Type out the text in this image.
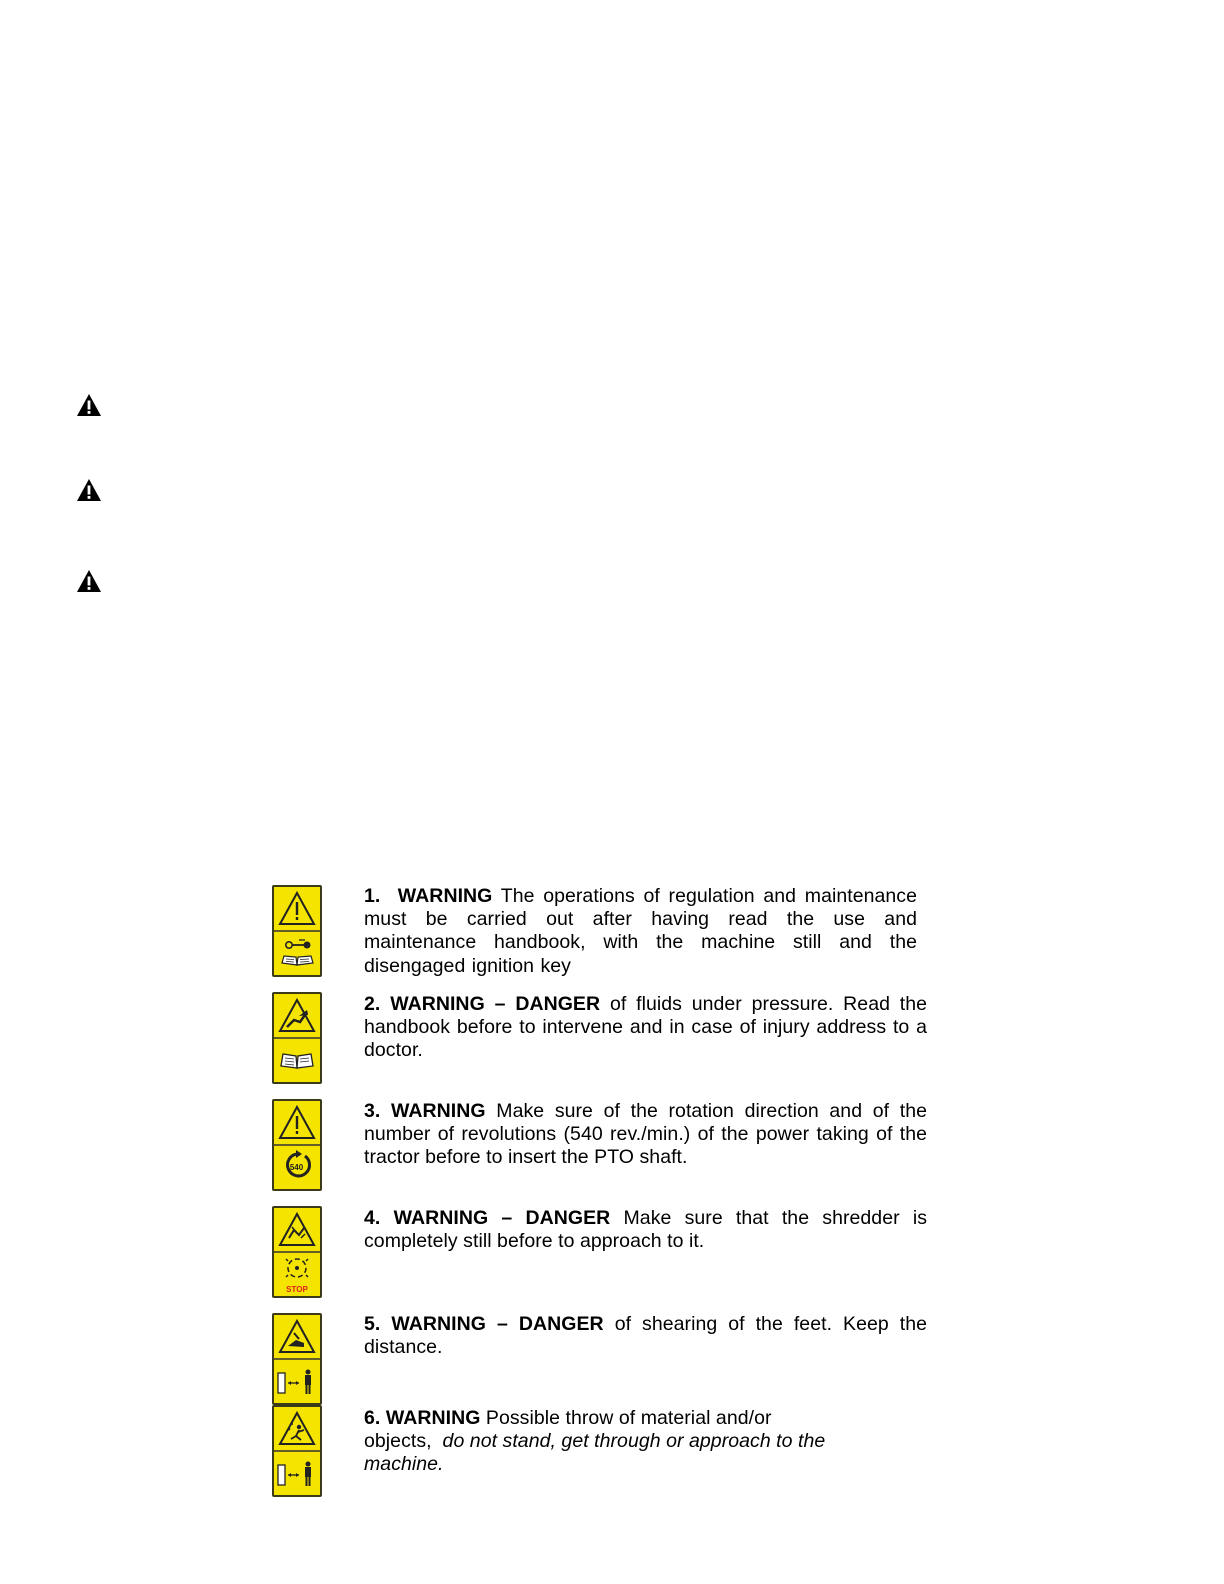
540
STOP
1. WARNING The operations of regulation and maintenance must be carried out after having read the use and maintenance handbook, with the machine still and the disengaged ignition key
2. WARNING – DANGER of fluids under pressure. Read the handbook before to intervene and in case of injury address to a doctor.
3. WARNING Make sure of the rotation direction and of the number of revolutions (540 rev./min.) of the power taking of the tractor before to insert the PTO shaft.
4. WARNING – DANGER Make sure that the shredder is completely still before to approach to it.
5. WARNING – DANGER of shearing of the feet. Keep the distance.
6. WARNING Possible throw of material and/or objects, do not stand, get through or approach to the machine.
